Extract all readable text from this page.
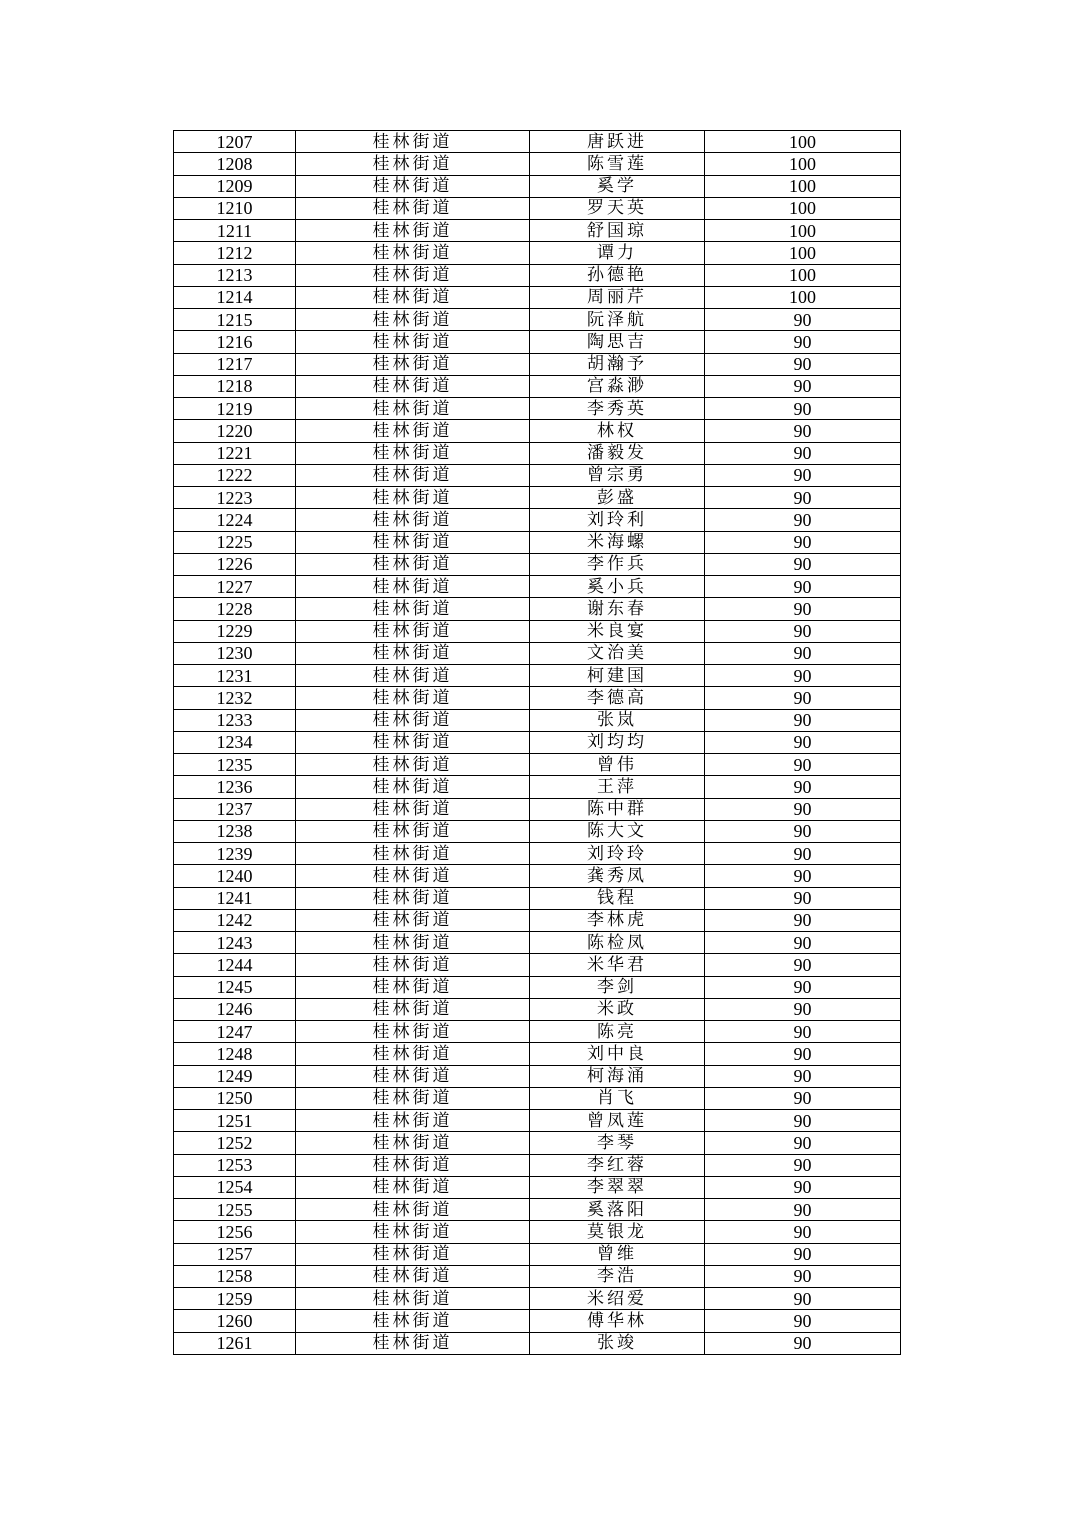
1207	桂林街道	唐跃进	100
1208	桂林街道	陈雪莲	100
1209	桂林街道	奚学	100
1210	桂林街道	罗天英	100
1211	桂林街道	舒国琼	100
1212	桂林街道	谭力	100
1213	桂林街道	孙德艳	100
1214	桂林街道	周丽芹	100
1215	桂林街道	阮泽航	90
1216	桂林街道	陶思吉	90
1217	桂林街道	胡瀚予	90
1218	桂林街道	宫淼渺	90
1219	桂林街道	李秀英	90
1220	桂林街道	林权	90
1221	桂林街道	潘毅发	90
1222	桂林街道	曾宗勇	90
1223	桂林街道	彭盛	90
1224	桂林街道	刘玲利	90
1225	桂林街道	米海螺	90
1226	桂林街道	李作兵	90
1227	桂林街道	奚小兵	90
1228	桂林街道	谢东春	90
1229	桂林街道	米良宴	90
1230	桂林街道	文治美	90
1231	桂林街道	柯建国	90
1232	桂林街道	李德高	90
1233	桂林街道	张岚	90
1234	桂林街道	刘均均	90
1235	桂林街道	曾伟	90
1236	桂林街道	王萍	90
1237	桂林街道	陈中群	90
1238	桂林街道	陈大文	90
1239	桂林街道	刘玲玲	90
1240	桂林街道	龚秀凤	90
1241	桂林街道	钱程	90
1242	桂林街道	李林虎	90
1243	桂林街道	陈检凤	90
1244	桂林街道	米华君	90
1245	桂林街道	李剑	90
1246	桂林街道	米政	90
1247	桂林街道	陈亮	90
1248	桂林街道	刘中良	90
1249	桂林街道	柯海涌	90
1250	桂林街道	肖飞	90
1251	桂林街道	曾凤莲	90
1252	桂林街道	李琴	90
1253	桂林街道	李红蓉	90
1254	桂林街道	李翠翠	90
1255	桂林街道	奚落阳	90
1256	桂林街道	莫银龙	90
1257	桂林街道	曾维	90
1258	桂林街道	李浩	90
1259	桂林街道	米绍爱	90
1260	桂林街道	傅华林	90
1261	桂林街道	张竣	90
